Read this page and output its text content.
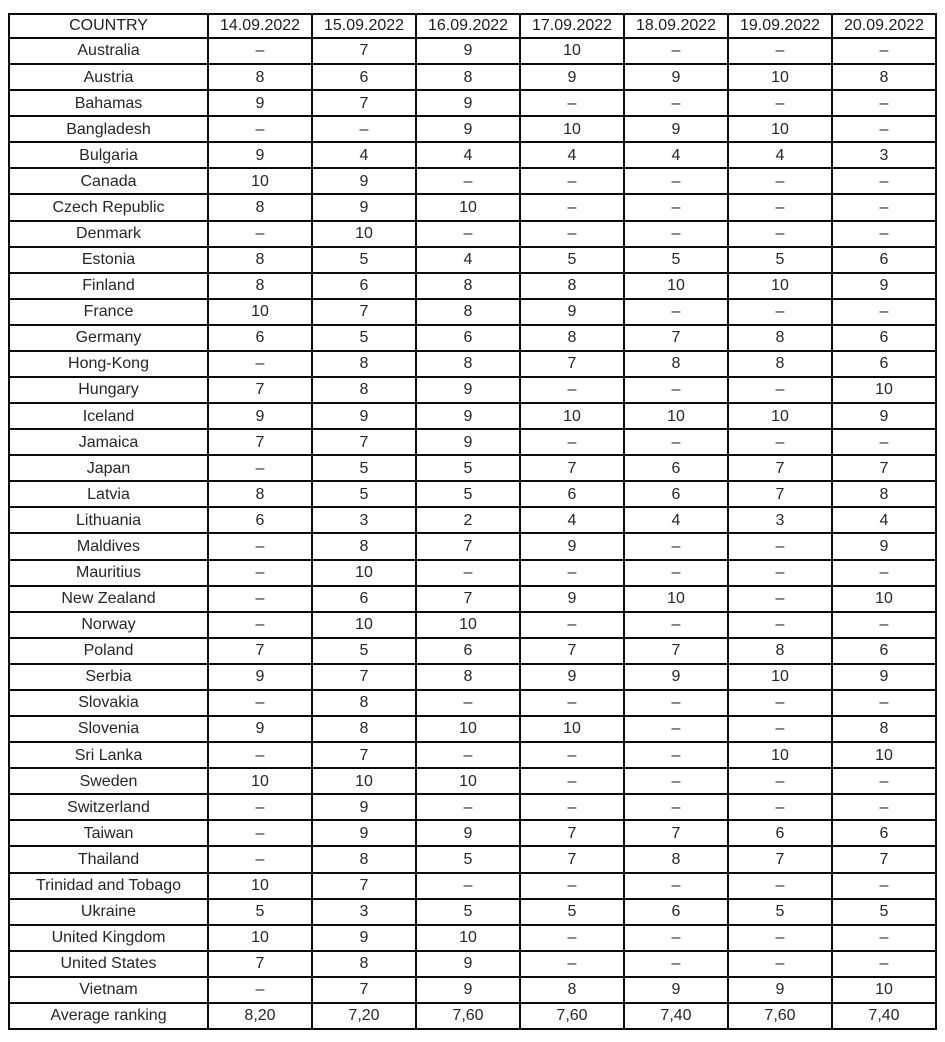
COUNTRY	14.09.2022	15.09.2022	16.09.2022	17.09.2022	18.09.2022	19.09.2022	20.09.2022
Australia	–	7	9	10	–	–	–
Austria	8	6	8	9	9	10	8
Bahamas	9	7	9	–	–	–	–
Bangladesh	–	–	9	10	9	10	–
Bulgaria	9	4	4	4	4	4	3
Canada	10	9	–	–	–	–	–
Czech Republic	8	9	10	–	–	–	–
Denmark	–	10	–	–	–	–	–
Estonia	8	5	4	5	5	5	6
Finland	8	6	8	8	10	10	9
France	10	7	8	9	–	–	–
Germany	6	5	6	8	7	8	6
Hong-Kong	–	8	8	7	8	8	6
Hungary	7	8	9	–	–	–	10
Iceland	9	9	9	10	10	10	9
Jamaica	7	7	9	–	–	–	–
Japan	–	5	5	7	6	7	7
Latvia	8	5	5	6	6	7	8
Lithuania	6	3	2	4	4	3	4
Maldives	–	8	7	9	–	–	9
Mauritius	–	10	–	–	–	–	–
New Zealand	–	6	7	9	10	–	10
Norway	–	10	10	–	–	–	–
Poland	7	5	6	7	7	8	6
Serbia	9	7	8	9	9	10	9
Slovakia	–	8	–	–	–	–	–
Slovenia	9	8	10	10	–	–	8
Sri Lanka	–	7	–	–	–	10	10
Sweden	10	10	10	–	–	–	–
Switzerland	–	9	–	–	–	–	–
Taiwan	–	9	9	7	7	6	6
Thailand	–	8	5	7	8	7	7
Trinidad and Tobago	10	7	–	–	–	–	–
Ukraine	5	3	5	5	6	5	5
United Kingdom	10	9	10	–	–	–	–
United States	7	8	9	–	–	–	–
Vietnam	–	7	9	8	9	9	10
Average ranking	8,20	7,20	7,60	7,60	7,40	7,60	7,40
